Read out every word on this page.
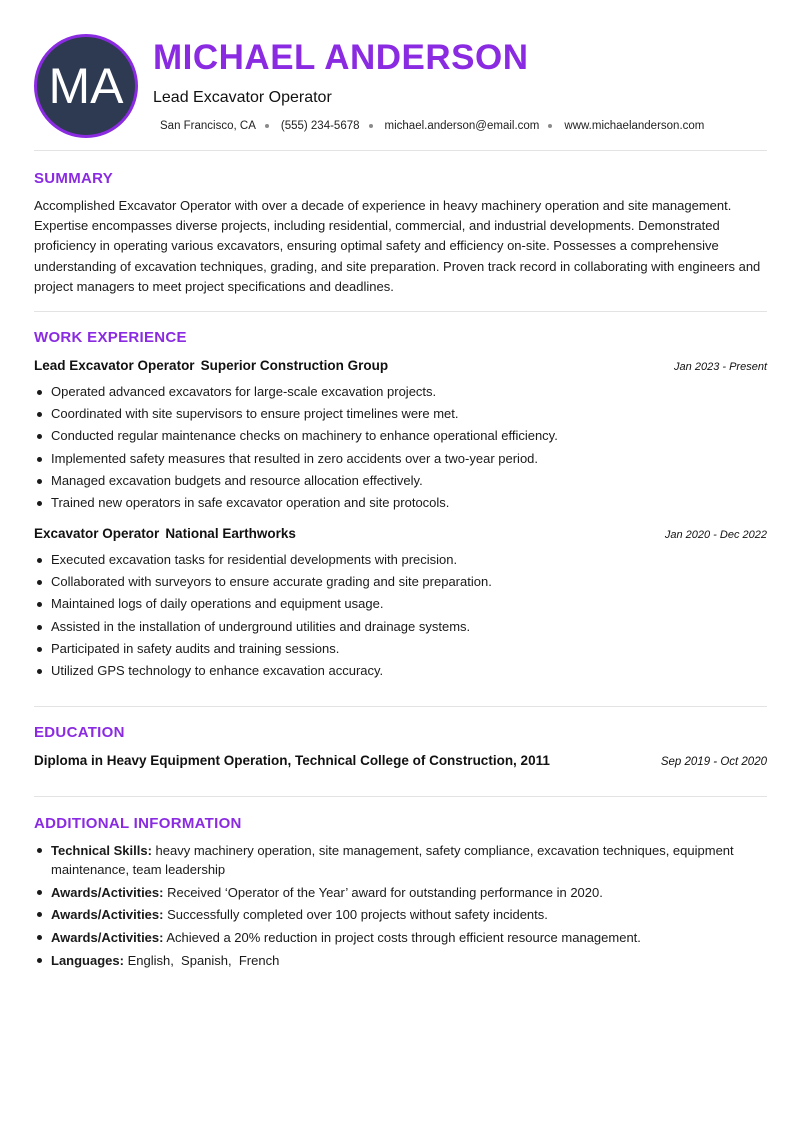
MA
MICHAEL ANDERSON
Lead Excavator Operator
San Francisco, CA (555) 234-5678 michael.anderson@email.com www.michaelanderson.com
SUMMARY
Accomplished Excavator Operator with over a decade of experience in heavy machinery operation and site management. Expertise encompasses diverse projects, including residential, commercial, and industrial developments. Demonstrated proficiency in operating various excavators, ensuring optimal safety and efficiency on-site. Possesses a comprehensive understanding of excavation techniques, grading, and site preparation. Proven track record in collaborating with engineers and project managers to meet project specifications and deadlines.
WORK EXPERIENCE
Lead Excavator Operator Superior Construction Group	Jan 2023 - Present
Operated advanced excavators for large-scale excavation projects.
Coordinated with site supervisors to ensure project timelines were met.
Conducted regular maintenance checks on machinery to enhance operational efficiency.
Implemented safety measures that resulted in zero accidents over a two-year period.
Managed excavation budgets and resource allocation effectively.
Trained new operators in safe excavator operation and site protocols.
Excavator Operator National Earthworks	Jan 2020 - Dec 2022
Executed excavation tasks for residential developments with precision.
Collaborated with surveyors to ensure accurate grading and site preparation.
Maintained logs of daily operations and equipment usage.
Assisted in the installation of underground utilities and drainage systems.
Participated in safety audits and training sessions.
Utilized GPS technology to enhance excavation accuracy.
EDUCATION
Diploma in Heavy Equipment Operation, Technical College of Construction, 2011	Sep 2019 - Oct 2020
ADDITIONAL INFORMATION
Technical Skills: heavy machinery operation, site management, safety compliance, excavation techniques, equipment maintenance, team leadership
Awards/Activities: Received ‘Operator of the Year’ award for outstanding performance in 2020.
Awards/Activities: Successfully completed over 100 projects without safety incidents.
Awards/Activities: Achieved a 20% reduction in project costs through efficient resource management.
Languages: English,  Spanish,  French
